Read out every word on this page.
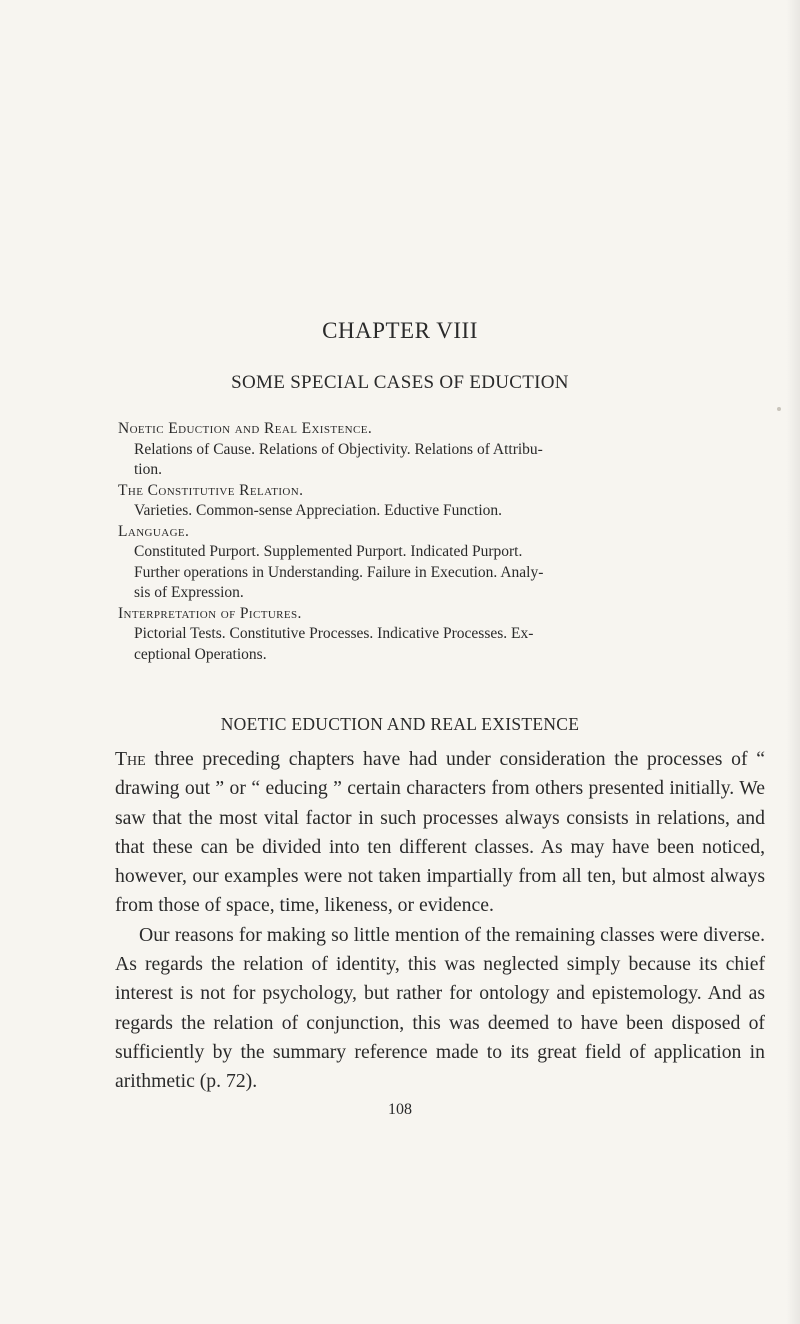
CHAPTER VIII
SOME SPECIAL CASES OF EDUCTION
Noetic Eduction and Real Existence.
Relations of Cause. Relations of Objectivity. Relations of Attribu-
tion.
The Constitutive Relation.
Varieties. Common-sense Appreciation. Eductive Function.
Language.
Constituted Purport. Supplemented Purport. Indicated Purport.
Further operations in Understanding. Failure in Execution. Analy-
sis of Expression.
Interpretation of Pictures.
Pictorial Tests. Constitutive Processes. Indicative Processes. Ex-
ceptional Operations.
NOETIC EDUCTION AND REAL EXISTENCE

The three preceding chapters have had under consideration the processes of “ drawing out ” or “ educing ” certain characters from others presented initially. We saw that the most vital factor in such processes always consists in relations, and that these can be divided into ten different classes. As may have been noticed, however, our examples were not taken impartially from all ten, but almost always from those of space, time, likeness, or evidence.

Our reasons for making so little mention of the remaining classes were diverse. As regards the relation of identity, this was neglected simply because its chief interest is not for psychology, but rather for ontology and epistemology. And as regards the relation of conjunction, this was deemed to have been disposed of sufficiently by the summary reference made to its great field of application in arithmetic (p. 72).

108
